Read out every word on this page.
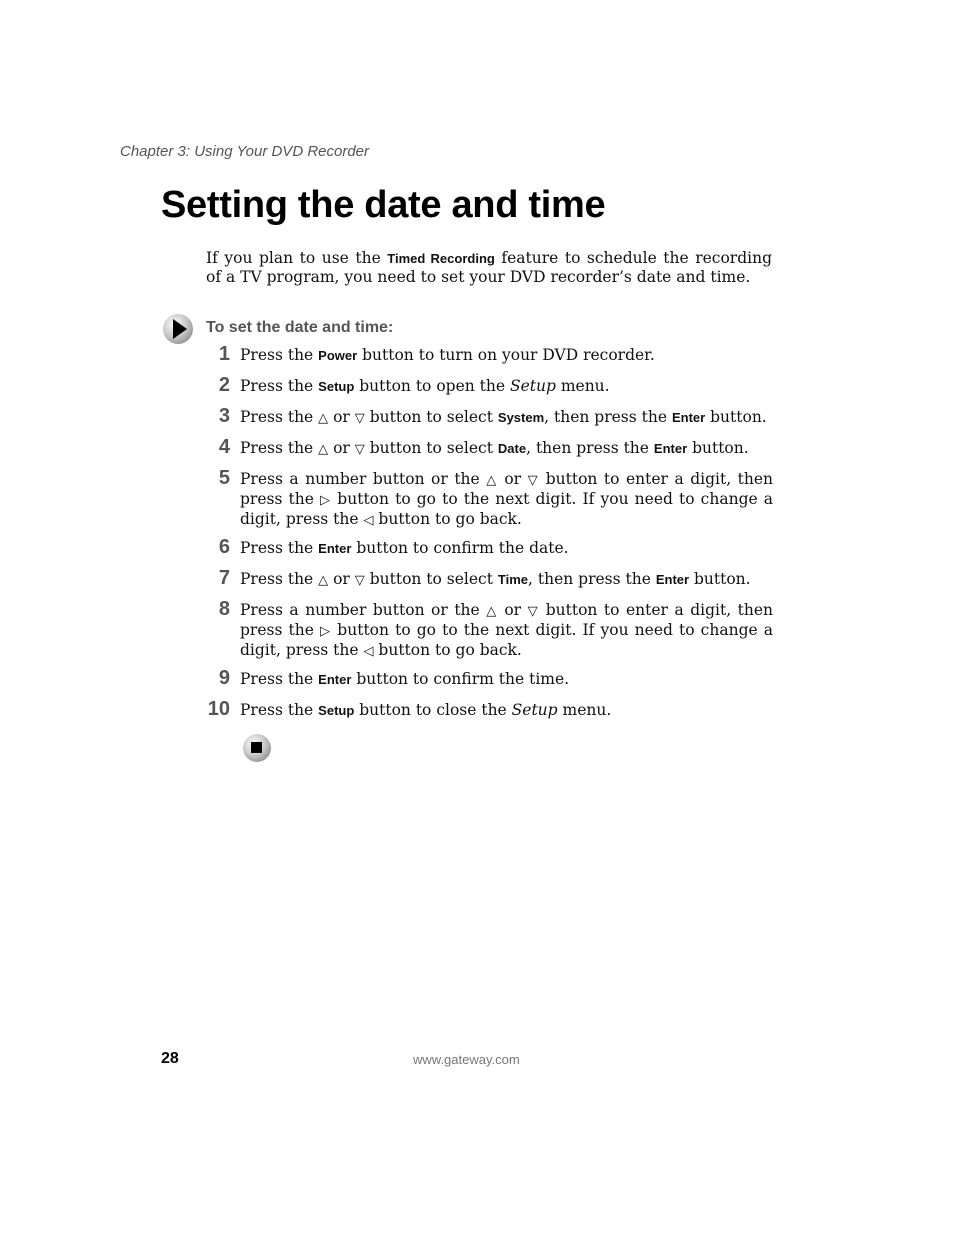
Chapter 3: Using Your DVD Recorder
Setting the date and time

If you plan to use the Timed Recording feature to schedule the recording of a TV program, you need to set your DVD recorder’s date and time.

To set the date and time:
1 Press the Power button to turn on your DVD recorder.
2 Press the Setup button to open the Setup menu.
3 Press the △ or ▽ button to select System, then press the Enter button.
4 Press the △ or ▽ button to select Date, then press the Enter button.
5 Press a number button or the △ or ▽ button to enter a digit, then press the ▷ button to go to the next digit. If you need to change a digit, press the ◁ button to go back.
6 Press the Enter button to confirm the date.
7 Press the △ or ▽ button to select Time, then press the Enter button.
8 Press a number button or the △ or ▽ button to enter a digit, then press the ▷ button to go to the next digit. If you need to change a digit, press the ◁ button to go back.
9 Press the Enter button to confirm the time.
10 Press the Setup button to close the Setup menu.
28	www.gateway.com
